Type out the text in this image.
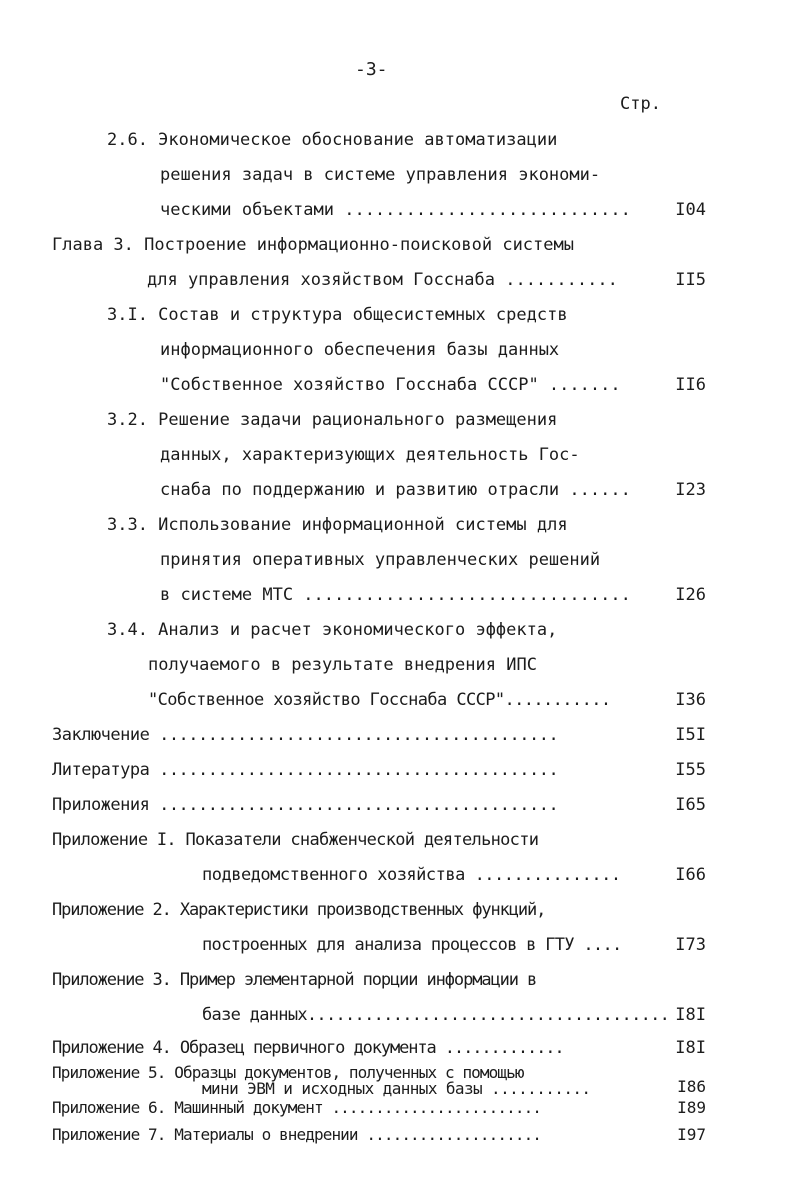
-3-
Стр.
2.6. Экономическое обоснование автоматизации
решения задач в системе управления экономи-
ческими объектами ............................	I04
Глава 3. Построение информационно-поисковой системы
для управления хозяйством Госснаба ...........	II5
3.I. Состав и структура общесистемных средств
информационного обеспечения базы данных
"Собственное хозяйство Госснаба СССР" .......	II6
3.2. Решение задачи рационального размещения
данных, характеризующих деятельность Гос-
снаба по поддержанию и развитию отрасли ......	I23
3.3. Использование информационной системы для
принятия оперативных управленческих решений
в системе МТС ................................	I26
3.4. Анализ и расчет экономического эффекта,
получаемого в результате внедрения ИПС
"Собственное хозяйство Госснаба СССР"...........	I36
Заключение .........................................	I5I
Литература .........................................	I55
Приложения .........................................	I65
Приложение I. Показатели снабженческой деятельности
подведомственного хозяйства ...............	I66
Приложение 2. Характеристики производственных функций,
построенных для анализа процессов в ГТУ ....	I73
Приложение 3. Пример элементарной порции информации в
базе данных...................................... I8I
Приложение 4. Образец первичного документа .............	I8I
Приложение 5. Образцы документов, полученных с помощью
мини ЭВМ и исходных данных базы ...........	I86
Приложение 6. Машинный документ ........................	I89
Приложение 7. Материалы о внедрении ....................	I97
